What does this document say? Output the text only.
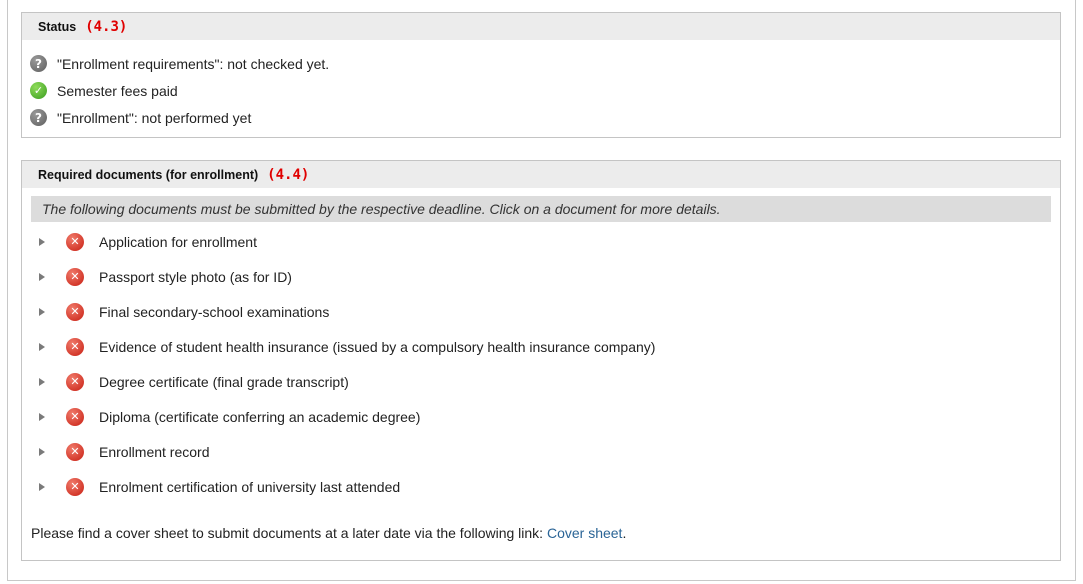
Status (4.3)
?	"Enrollment requirements": not checked yet.
✓ Semester fees paid
?	"Enrollment": not performed yet
Required documents (for enrollment) (4.4)
The following documents must be submitted by the respective deadline. Click on a document for more details.
✕	Application for enrollment
✕	Passport style photo (as for ID)
✕	Final secondary-school examinations
✕	Evidence of student health insurance (issued by a compulsory health insurance company)
✕	Degree certificate (final grade transcript)
✕	Diploma (certificate conferring an academic degree)
✕	Enrollment record
✕	Enrolment certification of university last attended

Please find a cover sheet to submit documents at a later date via the following link: Cover sheet.
